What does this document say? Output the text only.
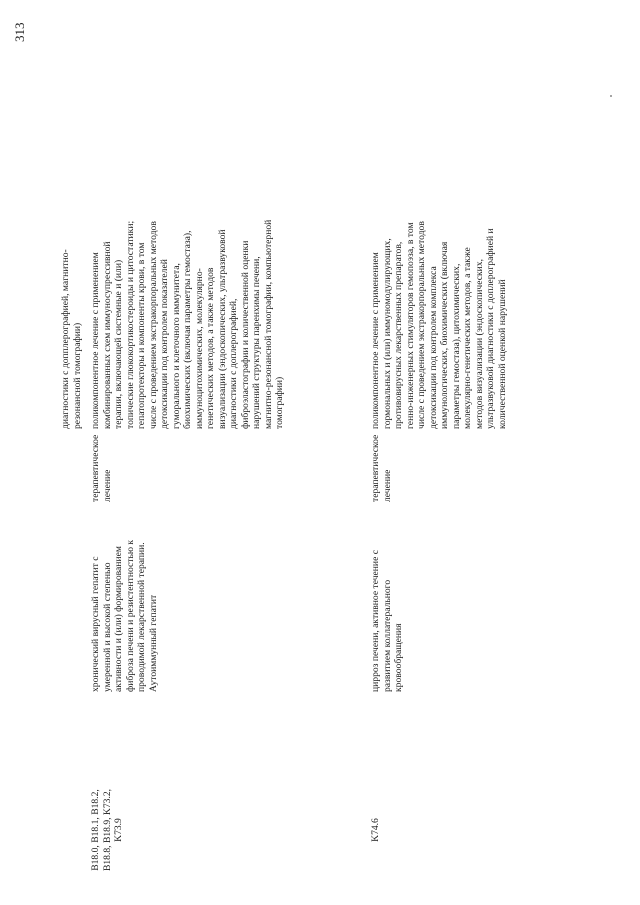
313
диагностики с допплерографией, магнитно-резонансной томографии)
B18.0, B18.1, B18.2, B18.8, B18.9, K73.2, K73.9
хронический вирусный гепатит с умеренной и высокой степенью активности и (или) формированием фиброза печени и резистентностью к проводимой лекарственной терапии. Аутоиммунный гепатит
терапевтическое лечение
поликомпонентное лечение с применением комбинированных схем иммуносупрессивной терапии, включающей системные и (или) топические глюкокортикостероиды и цитостатики; гепатопротекторы и компоненты крови, в том числе с проведением экстракорпоральных методов детоксикации под контролем показателей гуморального и клеточного иммунитета, биохимических (включая параметры гемостаза), иммуноцитохимических, молекулярно-генетических методов, а также методов визуализации (эндоскопических, ультразвуковой диагностики с доплерографией, фиброэластографии и количественной оценки нарушений структуры паренхимы печени, магнитно-резонансной томографии, компьютерной томографии)
K74.6
цирроз печени, активное течение с развитием коллатерального кровообращения
терапевтическое лечение
поликомпонентное лечение с применением гормональных и (или) иммуномодулирующих, противовирусных лекарственных препаратов, генно-инженерных стимуляторов гемопоэза, в том числе с проведением экстракорпоральных методов детоксикации под контролем комплекса иммунологических, биохимических (включая параметры гемостаза), цитохимических, молекулярно-генетических методов, а также методов визуализации (эндоскопических, ультразвуковой диагностики с доплерографией и количественной оценкой нарушений
